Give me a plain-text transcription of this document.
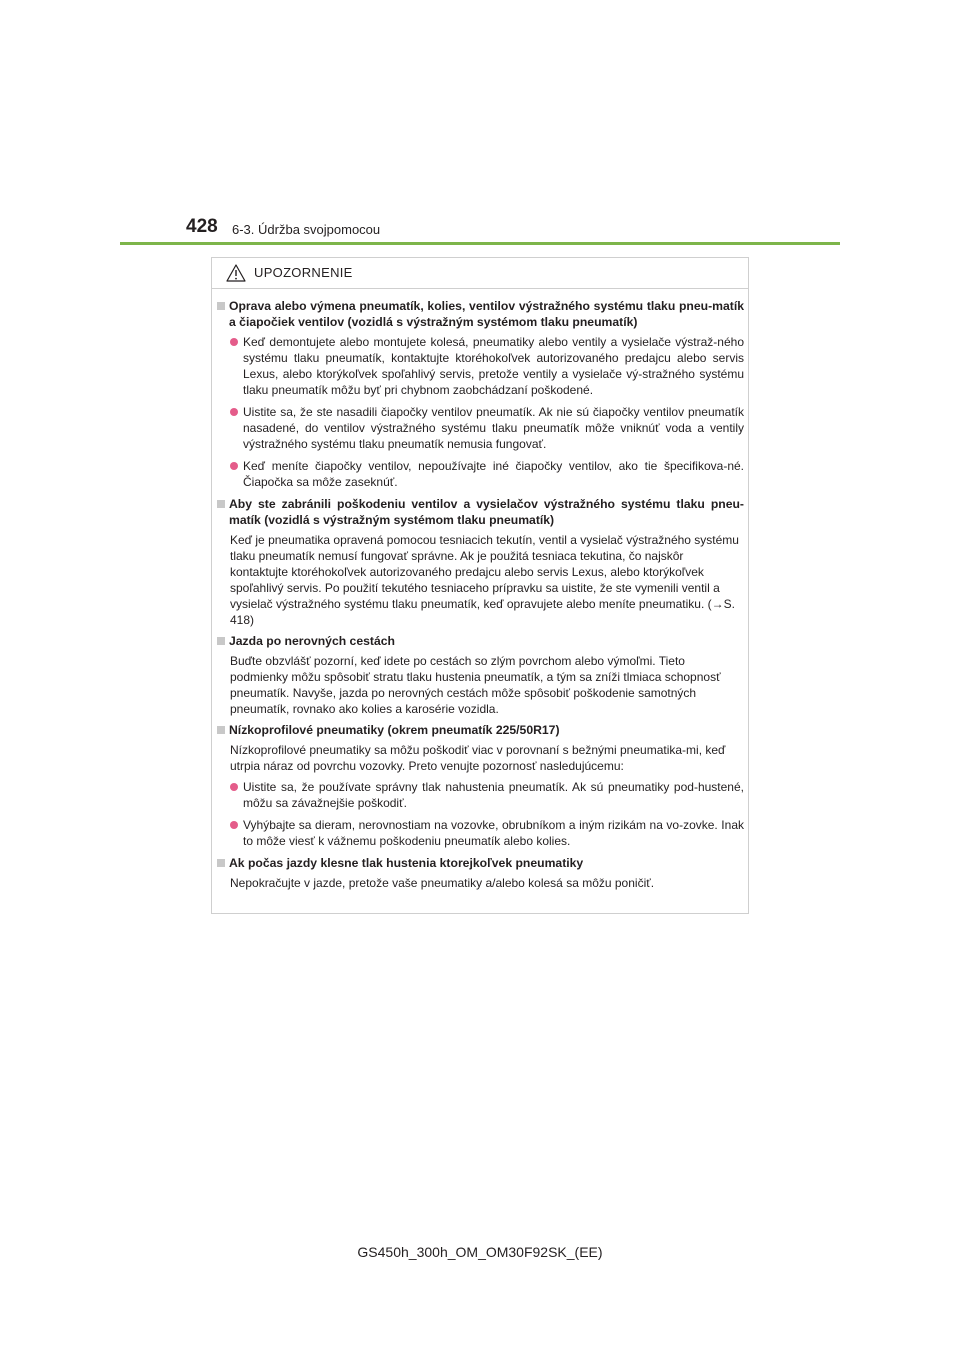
428 6-3. Údržba svojpomocou
UPOZORNENIE
Oprava alebo výmena pneumatík, kolies, ventilov výstražného systému tlaku pneu-matík a čiapočiek ventilov (vozidlá s výstražným systémom tlaku pneumatík)
Keď demontujete alebo montujete kolesá, pneumatiky alebo ventily a vysielače výstraž-ného systému tlaku pneumatík, kontaktujte ktoréhokoľvek autorizovaného predajcu alebo servis Lexus, alebo ktorýkoľvek spoľahlivý servis, pretože ventily a vysielače vý-stražného systému tlaku pneumatík môžu byť pri chybnom zaobchádzaní poškodené.
Uistite sa, že ste nasadili čiapočky ventilov pneumatík. Ak nie sú čiapočky ventilov pneumatík nasadené, do ventilov výstražného systému tlaku pneumatík môže vniknúť voda a ventily výstražného systému tlaku pneumatík nemusia fungovať.
Keď meníte čiapočky ventilov, nepoužívajte iné čiapočky ventilov, ako tie špecifikova-né. Čiapočka sa môže zaseknúť.
Aby ste zabránili poškodeniu ventilov a vysielačov výstražného systému tlaku pneu-matík (vozidlá s výstražným systémom tlaku pneumatík)
Keď je pneumatika opravená pomocou tesniacich tekutín, ventil a vysielač výstražného systému tlaku pneumatík nemusí fungovať správne. Ak je použitá tesniaca tekutina, čo najskôr kontaktujte ktoréhokoľvek autorizovaného predajcu alebo servis Lexus, alebo ktorýkoľvek spoľahlivý servis. Po použití tekutého tesniaceho prípravku sa uistite, že ste vymenili ventil a vysielač výstražného systému tlaku pneumatík, keď opravujete alebo meníte pneumatiku. (→S. 418)
Jazda po nerovných cestách
Buďte obzvlášť pozorní, keď idete po cestách so zlým povrchom alebo výmoľmi. Tieto podmienky môžu spôsobiť stratu tlaku hustenia pneumatík, a tým sa zníži tlmiaca schopnosť pneumatík. Navyše, jazda po nerovných cestách môže spôsobiť poškodenie samotných pneumatík, rovnako ako kolies a karosérie vozidla.
Nízkoprofilové pneumatiky (okrem pneumatík 225/50R17)
Nízkoprofilové pneumatiky sa môžu poškodiť viac v porovnaní s bežnými pneumatika-mi, keď utrpia náraz od povrchu vozovky. Preto venujte pozornosť nasledujúcemu:
Uistite sa, že používate správny tlak nahustenia pneumatík. Ak sú pneumatiky pod-hustené, môžu sa závažnejšie poškodiť.
Vyhýbajte sa dieram, nerovnostiam na vozovke, obrubníkom a iným rizikám na vo-zovke. Inak to môže viesť k vážnemu poškodeniu pneumatík alebo kolies.
Ak počas jazdy klesne tlak hustenia ktorejkoľvek pneumatiky
Nepokračujte v jazde, pretože vaše pneumatiky a/alebo kolesá sa môžu poničiť.
GS450h_300h_OM_OM30F92SK_(EE)
